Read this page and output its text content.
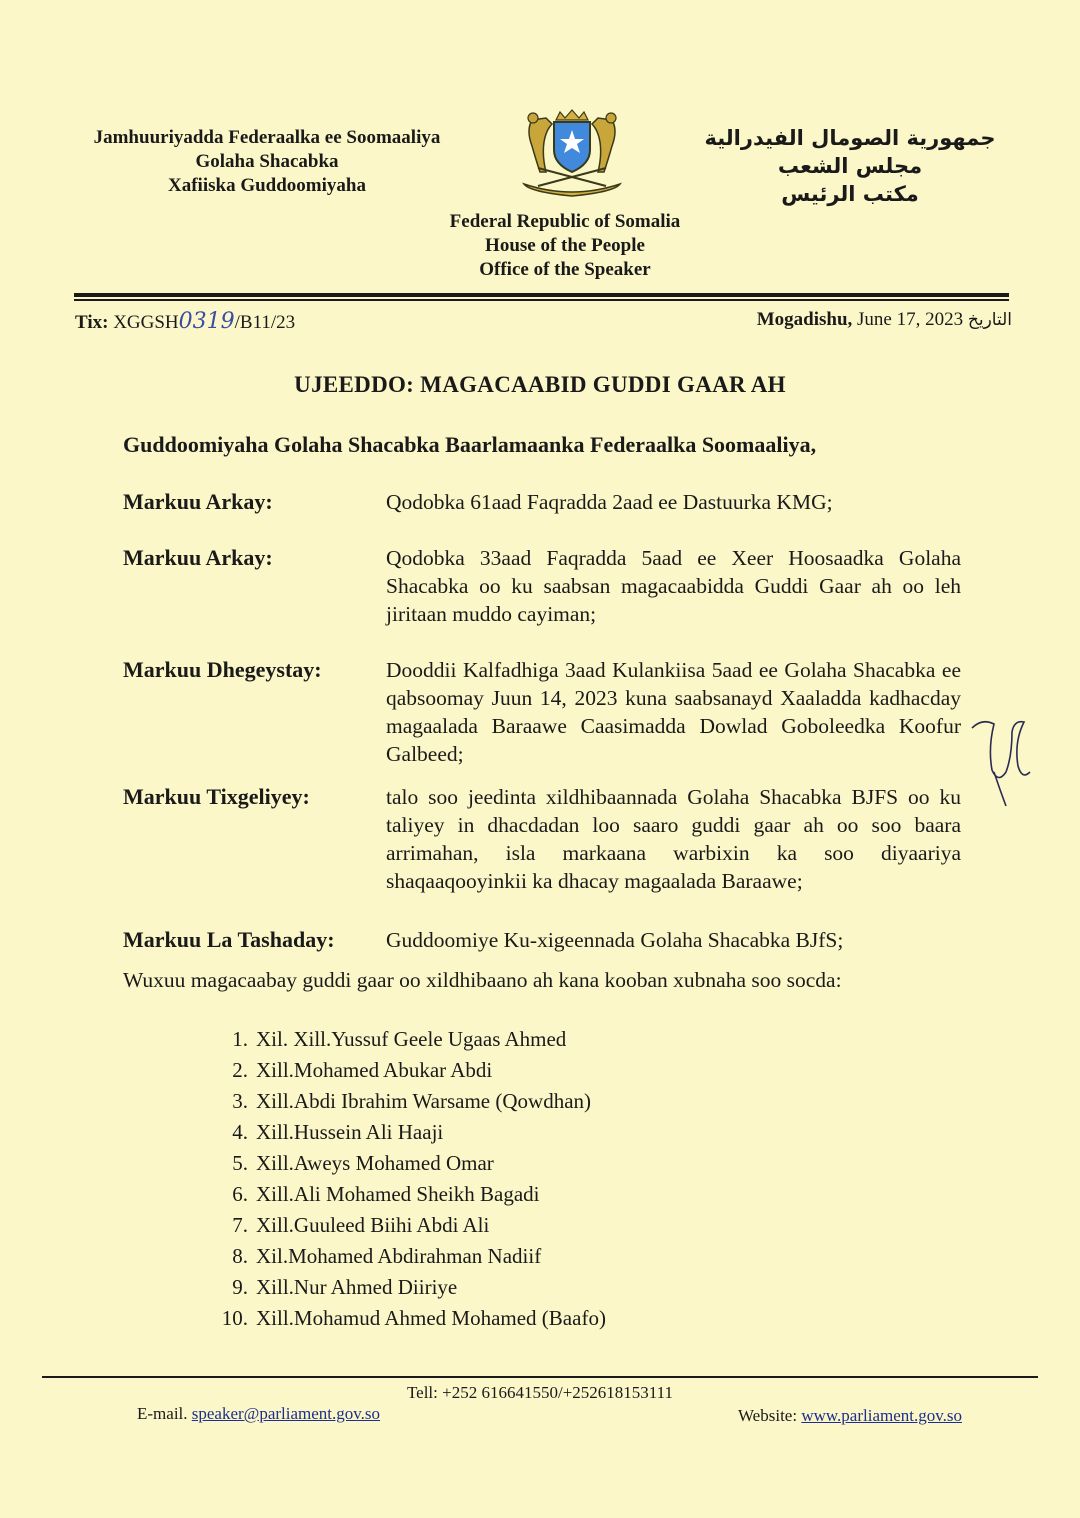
Jamhuuriyadda Federaalka ee Soomaaliya
Golaha Shacabka
Xafiiska Guddoomiyaha
جمهورية الصومال الفيدرالية
مجلس الشعب
مكتب الرئيس
Federal Republic of Somalia
House of the People
Office of the Speaker
Tix: XGGSH0319/B11/23	Mogadishu, June 17, 2023 التاريخ
UJEEDDO: MAGACAABID GUDDI GAAR AH
Guddoomiyaha Golaha Shacabka Baarlamaanka Federaalka Soomaaliya,
Markuu Arkay:	Qodobka 61aad Faqradda 2aad ee Dastuurka KMG;
Markuu Arkay:	Qodobka 33aad Faqradda 5aad ee Xeer Hoosaadka Golaha Shacabka oo ku saabsan magacaabidda Guddi Gaar ah oo leh jiritaan muddo cayiman;
Markuu Dhegeystay:	Dooddii Kalfadhiga 3aad Kulankiisa 5aad ee Golaha Shacabka ee qabsoomay Juun 14, 2023 kuna saabsanayd Xaaladda kadhacday magaalada Baraawe Caasimadda Dowlad Goboleedka Koofur Galbeed;
Markuu Tixgeliyey:	talo soo jeedinta xildhibaannada Golaha Shacabka BJFS oo ku taliyey in dhacdadan loo saaro guddi gaar ah oo soo baara arrimahan, isla markaana warbixin ka soo diyaariya shaqaaqooyinkii ka dhacay magaalada Baraawe;
Markuu La Tashaday:	Guddoomiye Ku-xigeennada Golaha Shacabka BJfS;
Wuxuu magacaabay guddi gaar oo xildhibaano ah kana kooban xubnaha soo socda:
1. Xil. Xill.Yussuf Geele Ugaas Ahmed
2. Xill.Mohamed Abukar Abdi
3. Xill.Abdi Ibrahim Warsame (Qowdhan)
4. Xill.Hussein Ali Haaji
5. Xill.Aweys Mohamed Omar
6. Xill.Ali Mohamed Sheikh Bagadi
7. Xill.Guuleed Biihi Abdi Ali
8. Xil.Mohamed Abdirahman Nadiif
9. Xill.Nur Ahmed Diiriye
10. Xill.Mohamud Ahmed Mohamed (Baafo)
Tell: +252 616641550/+252618153111
E-mail. speaker@parliament.gov.so	Website: www.parliament.gov.so
